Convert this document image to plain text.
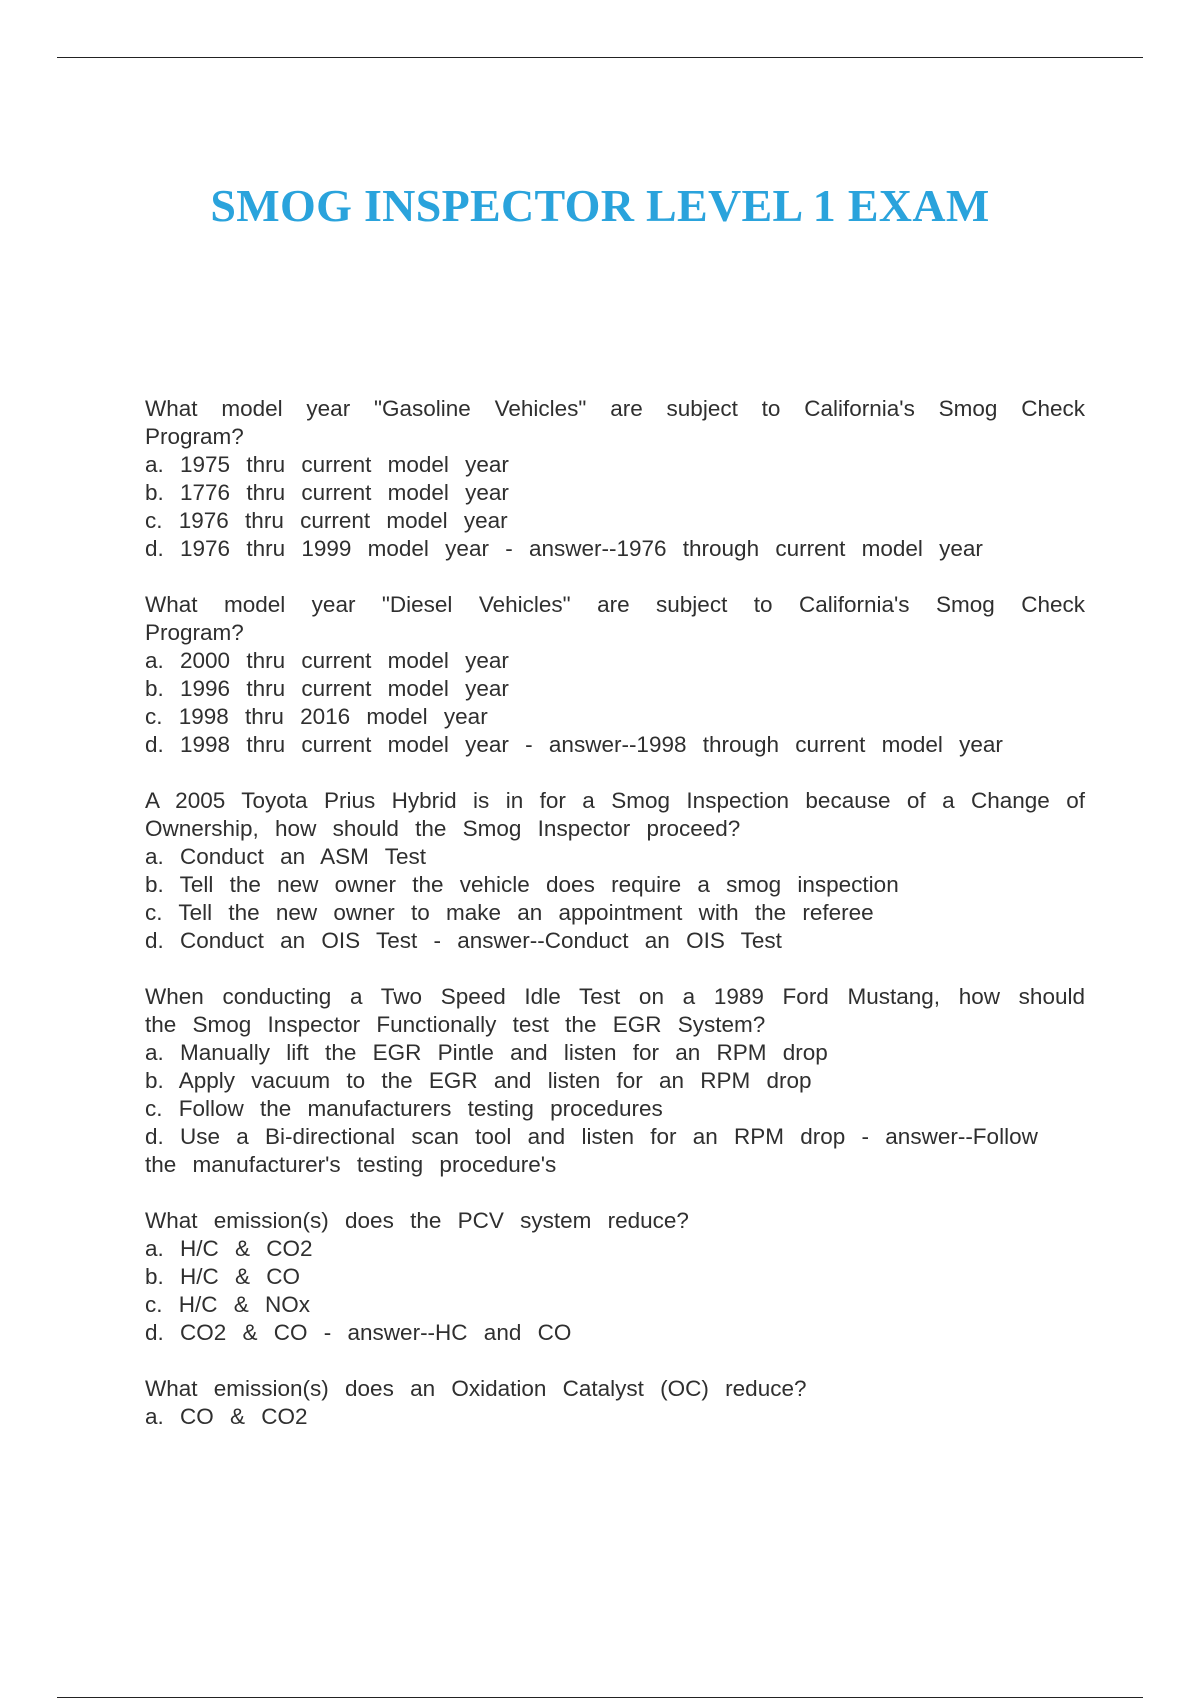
SMOG INSPECTOR LEVEL 1 EXAM

What model year "Gasoline Vehicles" are subject to California's Smog Check Program?

a. 1975 thru current model year

b. 1776 thru current model year

c. 1976 thru current model year

d. 1976 thru 1999 model year - answer--1976 through current model year

What model year "Diesel Vehicles" are subject to California's Smog Check Program?

a. 2000 thru current model year

b. 1996 thru current model year

c. 1998 thru 2016 model year

d. 1998 thru current model year - answer--1998 through current model year

A 2005 Toyota Prius Hybrid is in for a Smog Inspection because of a Change of Ownership, how should the Smog Inspector proceed?

a. Conduct an ASM Test

b. Tell the new owner the vehicle does require a smog inspection

c. Tell the new owner to make an appointment with the referee

d. Conduct an OIS Test - answer--Conduct an OIS Test

When conducting a Two Speed Idle Test on a 1989 Ford Mustang, how should the Smog Inspector Functionally test the EGR System?

a. Manually lift the EGR Pintle and listen for an RPM drop

b. Apply vacuum to the EGR and listen for an RPM drop

c. Follow the manufacturers testing procedures

d. Use a Bi-directional scan tool and listen for an RPM drop - answer--Follow the manufacturer's testing procedure's

What emission(s) does the PCV system reduce?

a. H/C & CO2

b. H/C & CO

c. H/C & NOx

d. CO2 & CO - answer--HC and CO

What emission(s) does an Oxidation Catalyst (OC) reduce?

a. CO & CO2
